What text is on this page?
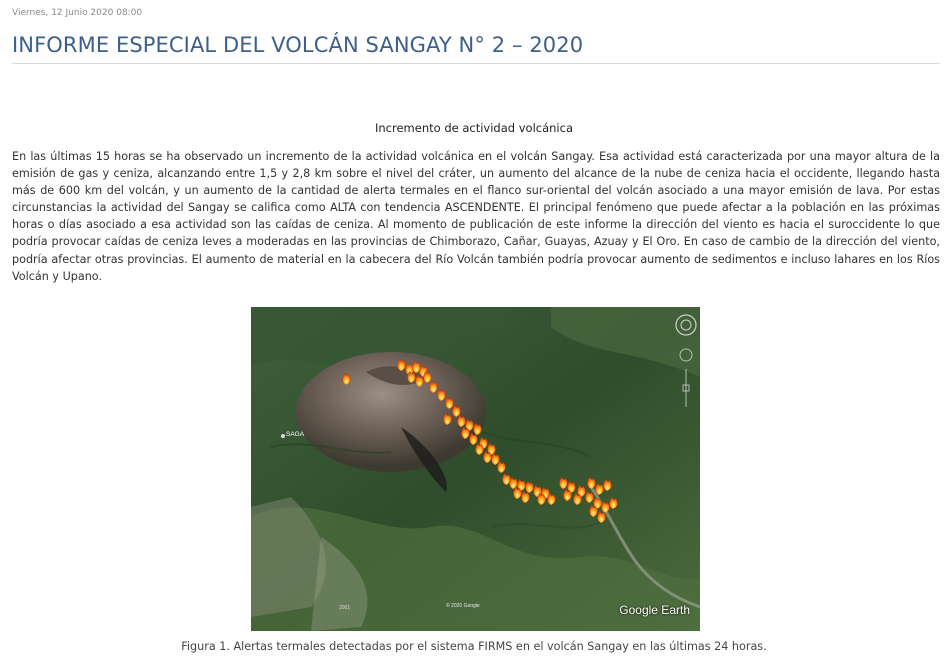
Viernes, 12 Junio 2020 08:00
INFORME ESPECIAL DEL VOLCÁN SANGAY N° 2 – 2020
Incremento de actividad volcánica

En las últimas 15 horas se ha observado un incremento de la actividad volcánica en el volcán Sangay. Esa actividad está caracterizada por una mayor altura de la emisión de gas y ceniza, alcanzando entre 1,5 y 2,8 km sobre el nivel del cráter, un aumento del alcance de la nube de ceniza hacia el occidente, llegando hasta más de 600 km del volcán, y un aumento de la cantidad de alerta termales en el flanco sur-oriental del volcán asociado a una mayor emisión de lava. Por estas circunstancias la actividad del Sangay se califica como ALTA con tendencia ASCENDENTE. El principal fenómeno que puede afectar a la población en las próximas horas o días asociado a esa actividad son las caídas de ceniza. Al momento de publicación de este informe la dirección del viento es hacia el suroccidente lo que podría provocar caídas de ceniza leves a moderadas en las provincias de Chimborazo, Cañar, Guayas, Azuay y El Oro. En caso de cambio de la dirección del viento, podría afectar otras provincias. El aumento de material en la cabecera del Río Volcán también podría provocar aumento de sedimentos e incluso lahares en los Ríos Volcán y Upano.

SAGA
2001	© 2020 Google	Google Earth
Figura 1. Alertas termales detectadas por el sistema FIRMS en el volcán Sangay en las últimas 24 horas.
